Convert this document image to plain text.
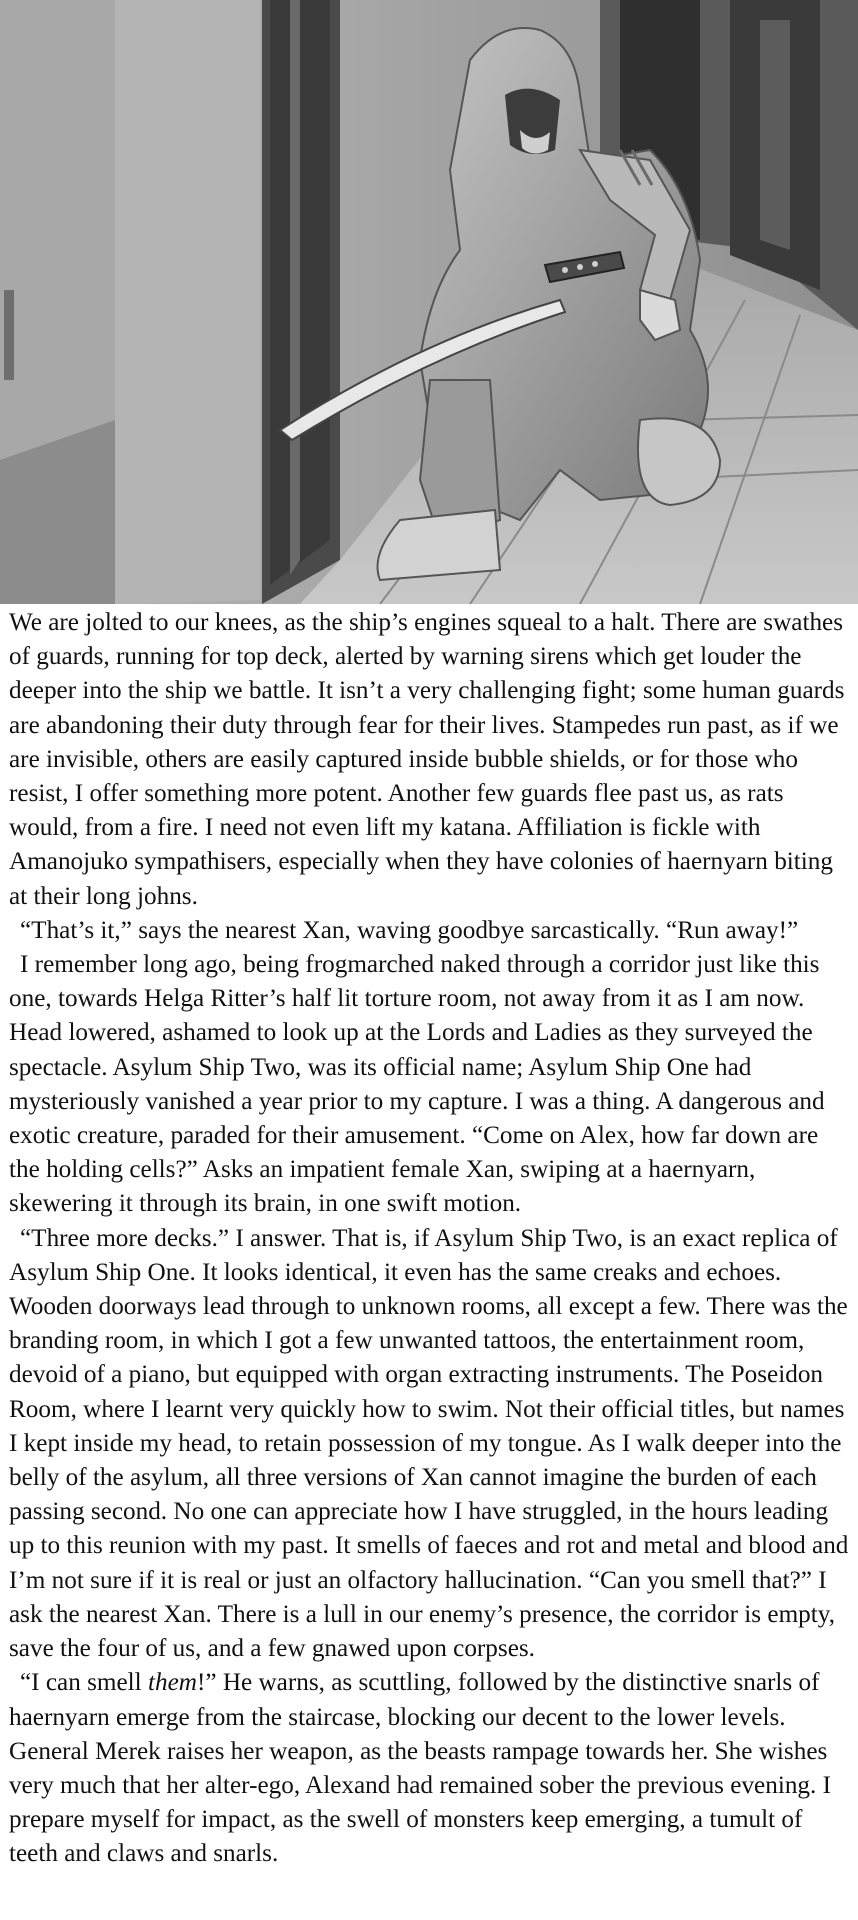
We are jolted to our knees, as the ship’s engines squeal to a halt. There are swathes of guards, running for top deck, alerted by warning sirens which get louder the deeper into the ship we battle. It isn’t a very challenging fight; some human guards are abandoning their duty through fear for their lives. Stampedes run past, as if we are invisible, others are easily captured inside bubble shields, or for those who resist, I offer something more potent. Another few guards flee past us, as rats would, from a fire. I need not even lift my katana. Affiliation is fickle with Amanojuko sympathisers, especially when they have colonies of haernyarn biting at their long johns.

“That’s it,” says the nearest Xan, waving goodbye sarcastically. “Run away!”

I remember long ago, being frogmarched naked through a corridor just like this one, towards Helga Ritter’s half lit torture room, not away from it as I am now. Head lowered, ashamed to look up at the Lords and Ladies as they surveyed the spectacle. Asylum Ship Two, was its official name; Asylum Ship One had mysteriously vanished a year prior to my capture. I was a thing. A dangerous and exotic creature, paraded for their amusement. “Come on Alex, how far down are the holding cells?” Asks an impatient female Xan, swiping at a haernyarn, skewering it through its brain, in one swift motion.

“Three more decks.” I answer. That is, if Asylum Ship Two, is an exact replica of Asylum Ship One. It looks identical, it even has the same creaks and echoes. Wooden doorways lead through to unknown rooms, all except a few. There was the branding room, in which I got a few unwanted tattoos, the entertainment room, devoid of a piano, but equipped with organ extracting instruments. The Poseidon Room, where I learnt very quickly how to swim. Not their official titles, but names I kept inside my head, to retain possession of my tongue. As I walk deeper into the belly of the asylum, all three versions of Xan cannot imagine the burden of each passing second. No one can appreciate how I have struggled, in the hours leading up to this reunion with my past. It smells of faeces and rot and metal and blood and I’m not sure if it is real or just an olfactory hallucination. “Can you smell that?” I ask the nearest Xan. There is a lull in our enemy’s presence, the corridor is empty, save the four of us, and a few gnawed upon corpses.

“I can smell them!” He warns, as scuttling, followed by the distinctive snarls of haernyarn emerge from the staircase, blocking our decent to the lower levels. General Merek raises her weapon, as the beasts rampage towards her. She wishes very much that her alter-ego, Alexand had remained sober the previous evening. I prepare myself for impact, as the swell of monsters keep emerging, a tumult of teeth and claws and snarls.
